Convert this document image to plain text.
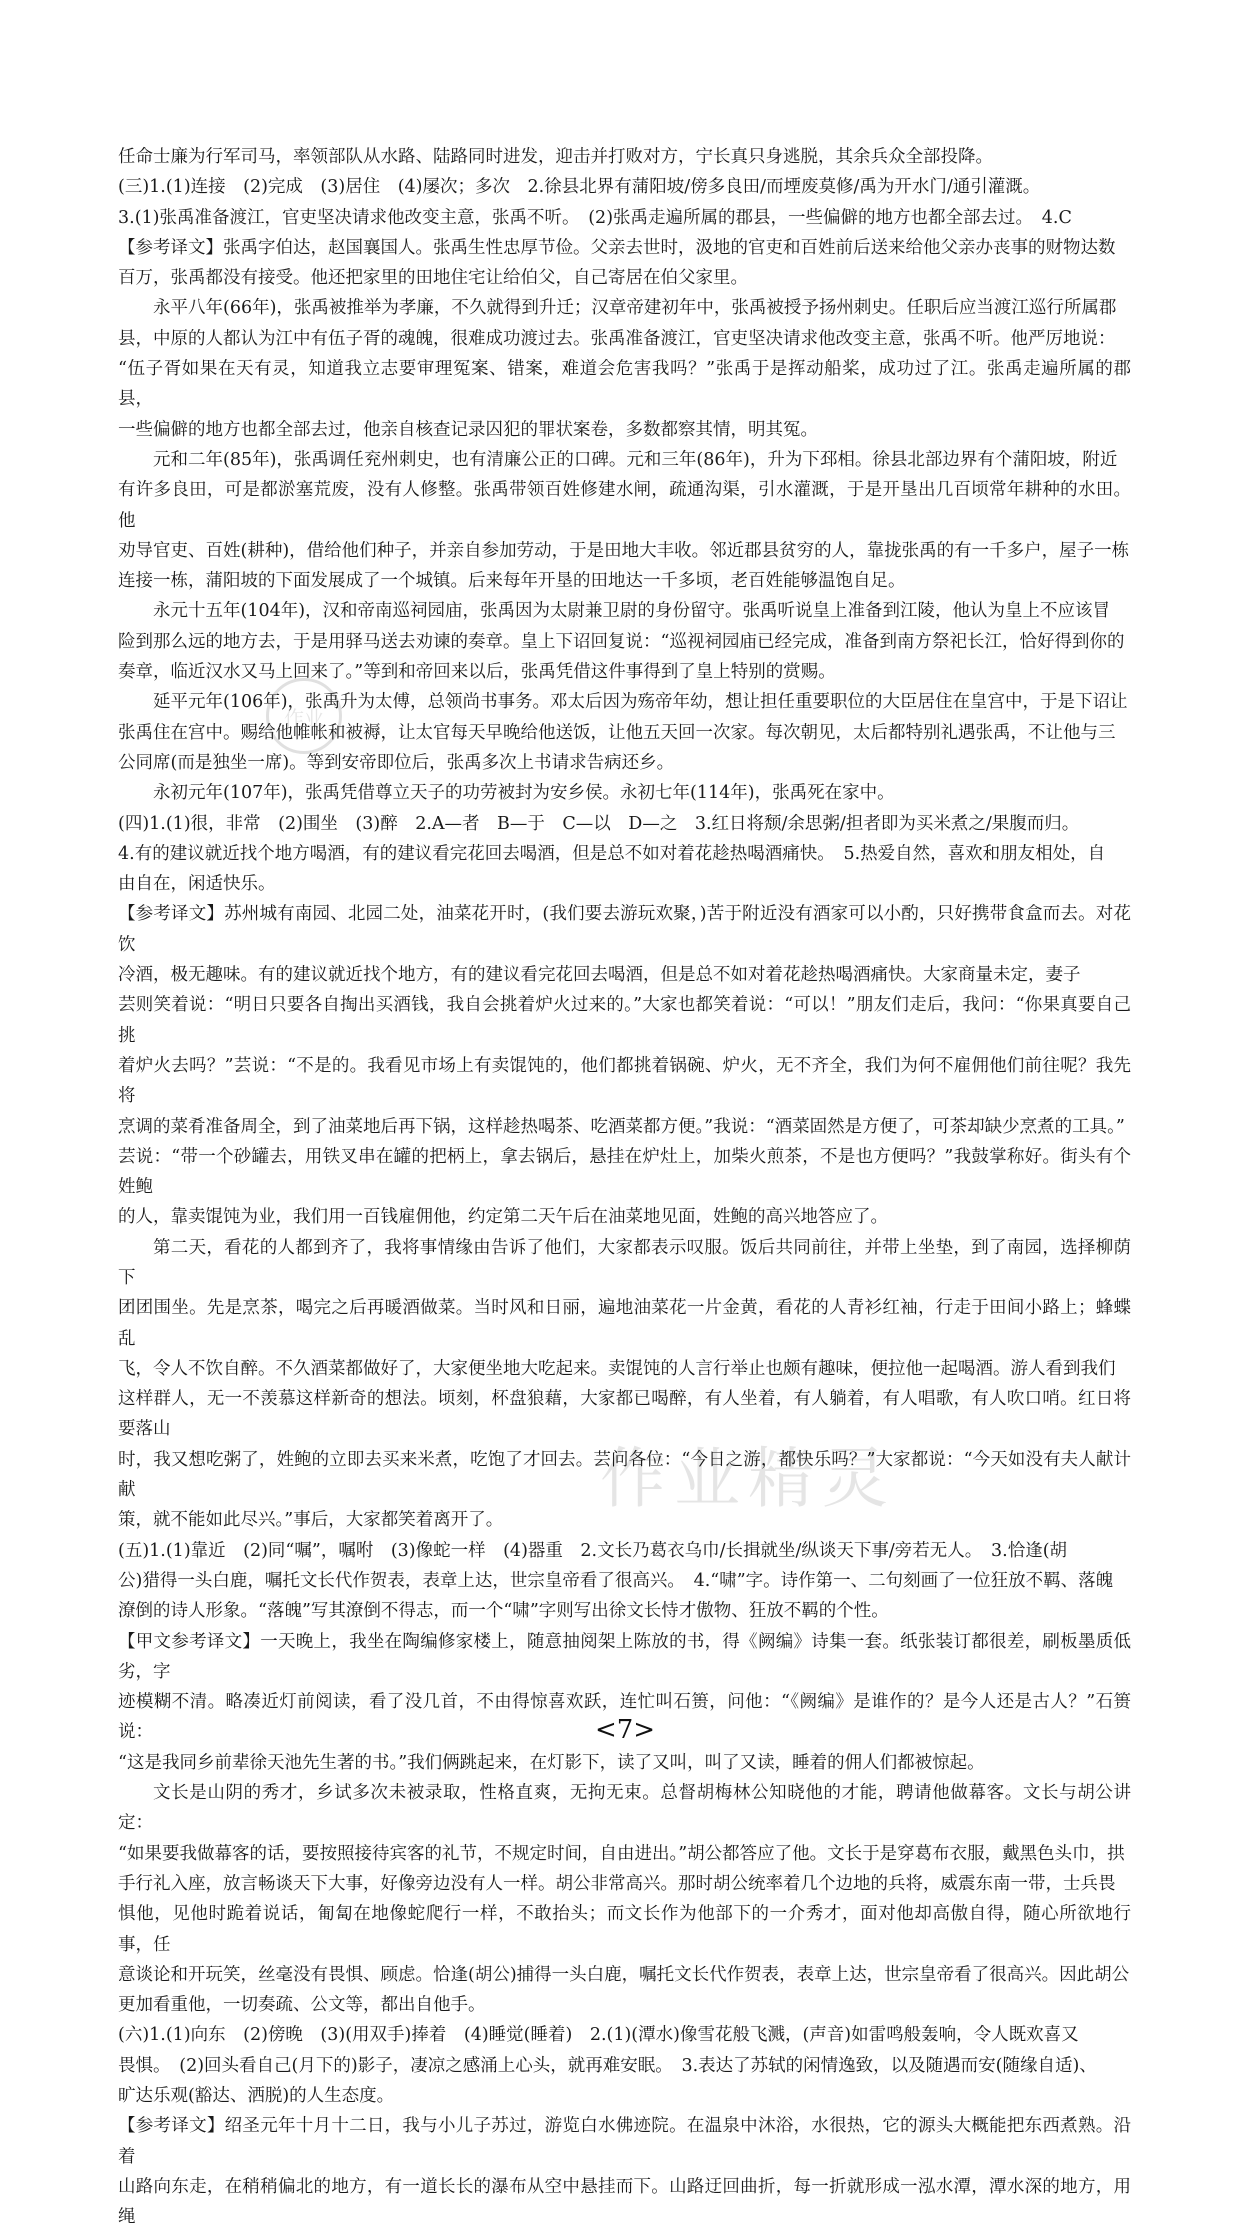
作业
作业精灵

任命士廉为行军司马，率领部队从水路、陆路同时进发，迎击并打败对方，宁长真只身逃脱，其余兵众全部投降。

(三)1.(1)连接　(2)完成　(3)居住　(4)屡次；多次　2.徐县北界有蒲阳坡/傍多良田/而堙废莫修/禹为开水门/通引灌溉。

3.(1)张禹准备渡江，官吏坚决请求他改变主意，张禹不听。　(2)张禹走遍所属的郡县，一些偏僻的地方也都全部去过。　4.C

【参考译文】张禹字伯达，赵国襄国人。张禹生性忠厚节俭。父亲去世时，汲地的官吏和百姓前后送来给他父亲办丧事的财物达数

百万，张禹都没有接受。他还把家里的田地住宅让给伯父，自己寄居在伯父家里。

永平八年(66年)，张禹被推举为孝廉，不久就得到升迁；汉章帝建初年中，张禹被授予扬州刺史。任职后应当渡江巡行所属郡

县，中原的人都认为江中有伍子胥的魂魄，很难成功渡过去。张禹准备渡江，官吏坚决请求他改变主意，张禹不听。他严厉地说：

“伍子胥如果在天有灵，知道我立志要审理冤案、错案，难道会危害我吗？”张禹于是挥动船桨，成功过了江。张禹走遍所属的郡县，

一些偏僻的地方也都全部去过，他亲自核查记录囚犯的罪状案卷，多数都察其情，明其冤。

元和二年(85年)，张禹调任兖州刺史，也有清廉公正的口碑。元和三年(86年)，升为下邳相。徐县北部边界有个蒲阳坡，附近

有许多良田，可是都淤塞荒废，没有人修整。张禹带领百姓修建水闸，疏通沟渠，引水灌溉，于是开垦出几百顷常年耕种的水田。他

劝导官吏、百姓(耕种)，借给他们种子，并亲自参加劳动，于是田地大丰收。邻近郡县贫穷的人，靠拢张禹的有一千多户，屋子一栋

连接一栋，蒲阳坡的下面发展成了一个城镇。后来每年开垦的田地达一千多顷，老百姓能够温饱自足。

永元十五年(104年)，汉和帝南巡祠园庙，张禹因为太尉兼卫尉的身份留守。张禹听说皇上准备到江陵，他认为皇上不应该冒

险到那么远的地方去，于是用驿马送去劝谏的奏章。皇上下诏回复说：“巡视祠园庙已经完成，准备到南方祭祀长江，恰好得到你的

奏章，临近汉水又马上回来了。”等到和帝回来以后，张禹凭借这件事得到了皇上特别的赏赐。

延平元年(106年)，张禹升为太傅，总领尚书事务。邓太后因为殇帝年幼，想让担任重要职位的大臣居住在皇宫中，于是下诏让

张禹住在宫中。赐给他帷帐和被褥，让太官每天早晚给他送饭，让他五天回一次家。每次朝见，太后都特别礼遇张禹，不让他与三

公同席(而是独坐一席)。等到安帝即位后，张禹多次上书请求告病还乡。

永初元年(107年)，张禹凭借尊立天子的功劳被封为安乡侯。永初七年(114年)，张禹死在家中。

(四)1.(1)很，非常　(2)围坐　(3)醉　2.A—者　B—于　C—以　D—之　3.红日将颓/余思粥/担者即为买米煮之/果腹而归。

4.有的建议就近找个地方喝酒，有的建议看完花回去喝酒，但是总不如对着花趁热喝酒痛快。　5.热爱自然，喜欢和朋友相处，自

由自在，闲适快乐。

【参考译文】苏州城有南园、北园二处，油菜花开时，(我们要去游玩欢聚，)苦于附近没有酒家可以小酌，只好携带食盒而去。对花饮

冷酒，极无趣味。有的建议就近找个地方，有的建议看完花回去喝酒，但是总不如对着花趁热喝酒痛快。大家商量未定，妻子

芸则笑着说：“明日只要各自掏出买酒钱，我自会挑着炉火过来的。”大家也都笑着说：“可以！”朋友们走后，我问：“你果真要自己挑

着炉火去吗？”芸说：“不是的。我看见市场上有卖馄饨的，他们都挑着锅碗、炉火，无不齐全，我们为何不雇佣他们前往呢？我先将

烹调的菜肴准备周全，到了油菜地后再下锅，这样趁热喝茶、吃酒菜都方便。”我说：“酒菜固然是方便了，可茶却缺少烹煮的工具。”

芸说：“带一个砂罐去，用铁叉串在罐的把柄上，拿去锅后，悬挂在炉灶上，加柴火煎茶，不是也方便吗？”我鼓掌称好。街头有个姓鲍

的人，靠卖馄饨为业，我们用一百钱雇佣他，约定第二天午后在油菜地见面，姓鲍的高兴地答应了。

第二天，看花的人都到齐了，我将事情缘由告诉了他们，大家都表示叹服。饭后共同前往，并带上坐垫，到了南园，选择柳荫下

团团围坐。先是烹茶，喝完之后再暖酒做菜。当时风和日丽，遍地油菜花一片金黄，看花的人青衫红袖，行走于田间小路上；蜂蝶乱

飞，令人不饮自醉。不久酒菜都做好了，大家便坐地大吃起来。卖馄饨的人言行举止也颇有趣味，便拉他一起喝酒。游人看到我们

这样群人，无一不羡慕这样新奇的想法。顷刻，杯盘狼藉，大家都已喝醉，有人坐着，有人躺着，有人唱歌，有人吹口哨。红日将要落山

时，我又想吃粥了，姓鲍的立即去买来米煮，吃饱了才回去。芸问各位：“今日之游，都快乐吗？”大家都说：“今天如没有夫人献计献

策，就不能如此尽兴。”事后，大家都笑着离开了。

(五)1.(1)靠近　(2)同“嘱”，嘱咐　(3)像蛇一样　(4)器重　2.文长乃葛衣乌巾/长揖就坐/纵谈天下事/旁若无人。　3.恰逢(胡

公)猎得一头白鹿，嘱托文长代作贺表，表章上达，世宗皇帝看了很高兴。　4.“啸”字。诗作第一、二句刻画了一位狂放不羁、落魄

潦倒的诗人形象。“落魄”写其潦倒不得志，而一个“啸”字则写出徐文长恃才傲物、狂放不羁的个性。

【甲文参考译文】一天晚上，我坐在陶编修家楼上，随意抽阅架上陈放的书，得《阙编》诗集一套。纸张装订都很差，刷板墨质低劣，字

迹模糊不清。略凑近灯前阅读，看了没几首，不由得惊喜欢跃，连忙叫石篑，问他：“《阙编》是谁作的？是今人还是古人？”石篑说：

“这是我同乡前辈徐天池先生著的书。”我们俩跳起来，在灯影下，读了又叫，叫了又读，睡着的佣人们都被惊起。

文长是山阴的秀才，乡试多次未被录取，性格直爽，无拘无束。总督胡梅林公知晓他的才能，聘请他做幕客。文长与胡公讲定：

“如果要我做幕客的话，要按照接待宾客的礼节，不规定时间，自由进出。”胡公都答应了他。文长于是穿葛布衣服，戴黑色头巾，拱

手行礼入座，放言畅谈天下大事，好像旁边没有人一样。胡公非常高兴。那时胡公统率着几个边地的兵将，威震东南一带，士兵畏

惧他，见他时跪着说话，匍匐在地像蛇爬行一样，不敢抬头；而文长作为他部下的一介秀才，面对他却高傲自得，随心所欲地行事，任

意谈论和开玩笑，丝毫没有畏惧、顾虑。恰逢(胡公)捕得一头白鹿，嘱托文长代作贺表，表章上达，世宗皇帝看了很高兴。因此胡公

更加看重他，一切奏疏、公文等，都出自他手。

(六)1.(1)向东　(2)傍晚　(3)(用双手)捧着　(4)睡觉(睡着)　2.(1)(潭水)像雪花般飞溅，(声音)如雷鸣般轰响，令人既欢喜又

畏惧。　(2)回头看自己(月下的)影子，凄凉之感涌上心头，就再难安眠。　3.表达了苏轼的闲情逸致，以及随遇而安(随缘自适)、

旷达乐观(豁达、洒脱)的人生态度。

【参考译文】绍圣元年十月十二日，我与小儿子苏过，游览白水佛迹院。在温泉中沐浴，水很热，它的源头大概能把东西煮熟。沿着

山路向东走，在稍稍偏北的地方，有一道长长的瀑布从空中悬挂而下。山路迂回曲折，每一折就形成一泓水潭，潭水深的地方，用绳

<7>
